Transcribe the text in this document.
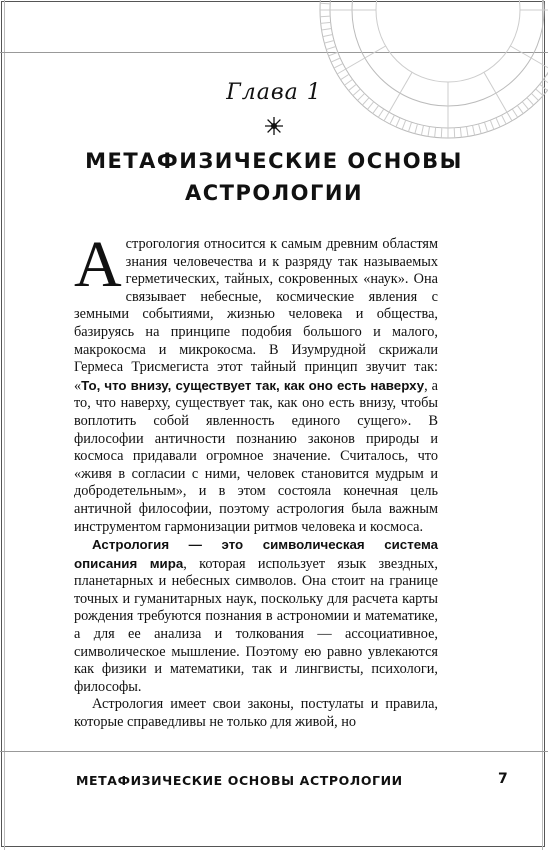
Глава 1
МЕТАФИЗИЧЕСКИЕ ОСНОВЫ
АСТРОЛОГИИ

Астрогология относится к самым древним областям знания человечества и к разряду так называемых герметических, тайных, сокровенных «наук». Она связывает небесные, космические явления с земными событиями, жизнью человека и общества, базируясь на принципе подобия большого и малого, макрокосма и микрокосма. В Изумрудной скрижали Гермеса Трисмегиста этот тайный принцип звучит так: «То, что внизу, существует так, как оно есть наверху, а то, что наверху, существует так, как оно есть внизу, чтобы воплотить собой явленность единого сущего». В философии античности познанию законов природы и космоса придавали огромное значение. Считалось, что «живя в согласии с ними, человек становится мудрым и добродетельным», и в этом состояла конечная цель античной философии, поэтому астрология была важным инструментом гармонизации ритмов человека и космоса.

Астрология — это символическая система описания мира, которая использует язык звездных, планетарных и небесных символов. Она стоит на границе точных и гуманитарных наук, поскольку для расчета карты рождения требуются познания в астрономии и математике, а для ее анализа и толкования — ассоциативное, символическое мышление. Поэтому ею равно увлекаются как физики и математики, так и лингвисты, психологи, философы.

Астрология имеет свои законы, постулаты и правила, которые справедливы не только для живой, но

МЕТАФИЗИЧЕСКИЕ ОСНОВЫ АСТРОЛОГИИ	7
